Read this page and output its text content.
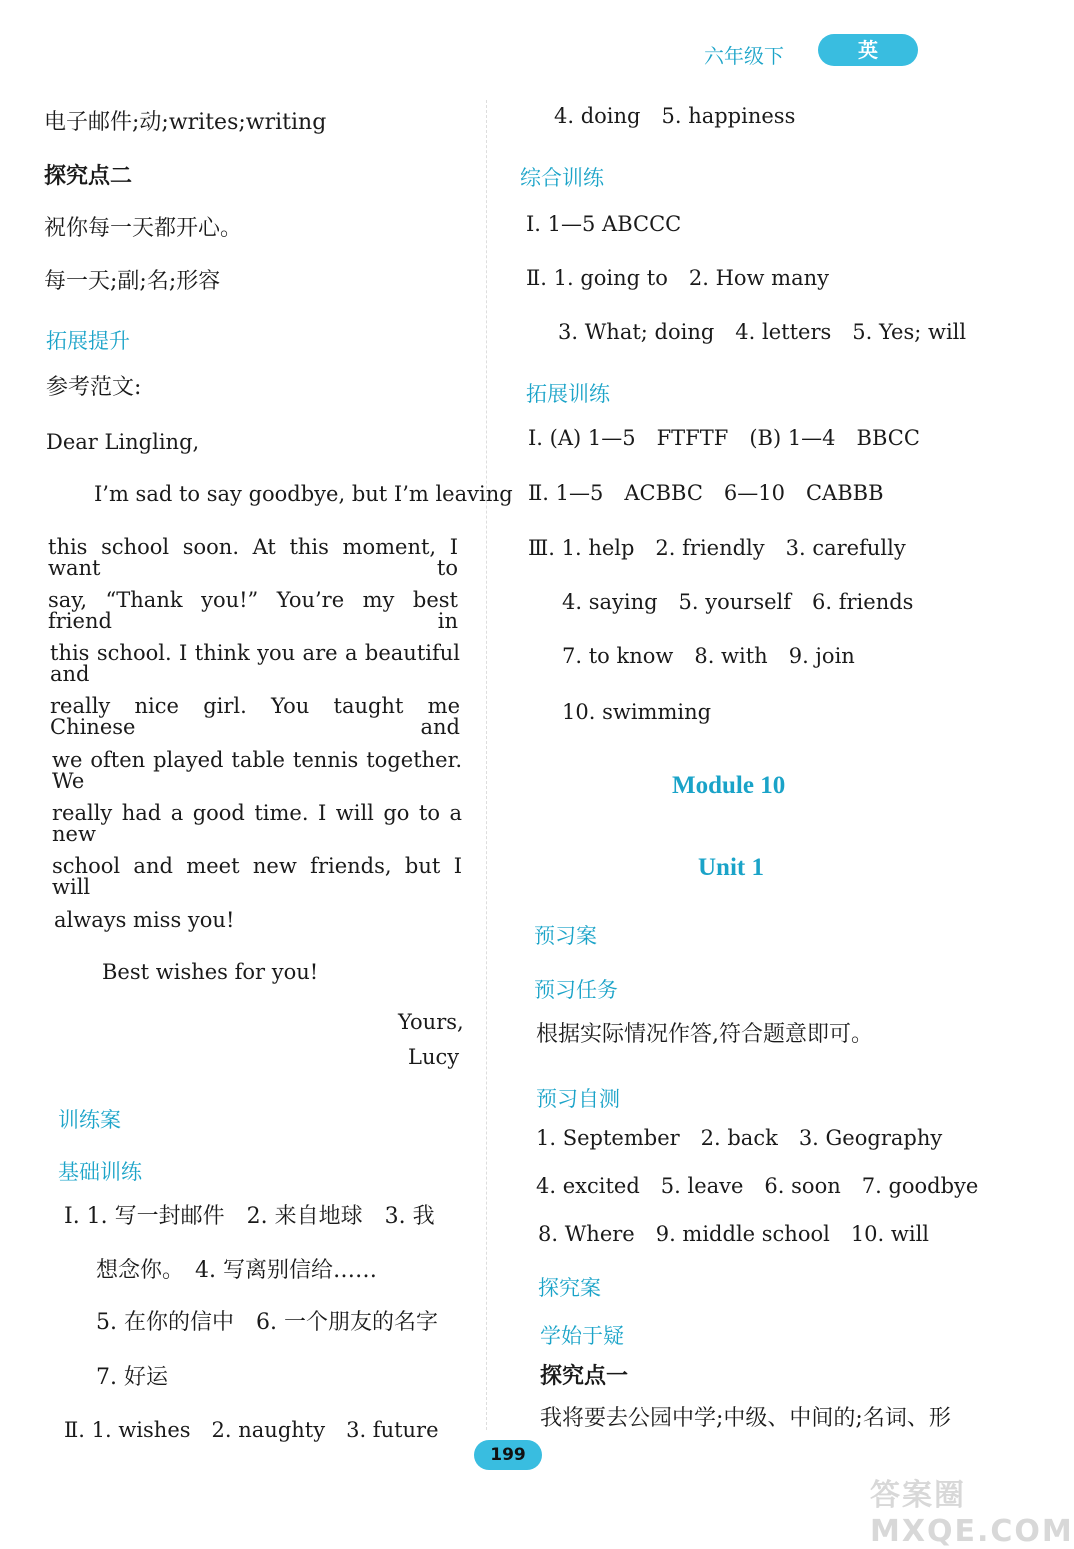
六年级下	英 语
电子邮件;动;writes;writing
探究点二
祝你每一天都开心。
每一天;副;名;形容
拓展提升
参考范文:
Dear Lingling,
I’m sad to say goodbye, but I’m leaving
this school soon. At this moment, I want to
say, “Thank you!” You’re my best friend in
this school. I think you are a beautiful and
really nice girl. You taught me Chinese and
we often played table tennis together. We
really had a good time. I will go to a new
school and meet new friends, but I will
always miss you!
Best wishes for you!
Yours,
Lucy
训练案
基础训练
Ⅰ. 1. 写一封邮件　2. 来自地球　3. 我
想念你。　4. 写离别信给……
5. 在你的信中　6. 一个朋友的名字
7. 好运
Ⅱ. 1. wishes　2. naughty　3. future
4. doing　5. happiness
综合训练
Ⅰ. 1—5 ABCCC
Ⅱ. 1. going to　2. How many
3. What; doing　4. letters　5. Yes; will
拓展训练
Ⅰ. (A) 1—5　FTFTF　(B) 1—4　BBCC
Ⅱ. 1—5　ACBBC　6—10　CABBB
Ⅲ. 1. help　2. friendly　3. carefully
4. saying　5. yourself　6. friends
7. to know　8. with　9. join
10. swimming
Module 10
Unit 1
预习案
预习任务
根据实际情况作答,符合题意即可。
预习自测
1. September　2. back　3. Geography
4. excited　5. leave　6. soon　7. goodbye
8. Where　9. middle school　10. will
探究案
学始于疑
探究点一
我将要去公园中学;中级、中间的;名词、形
199
答案圈 MXQE.COM
